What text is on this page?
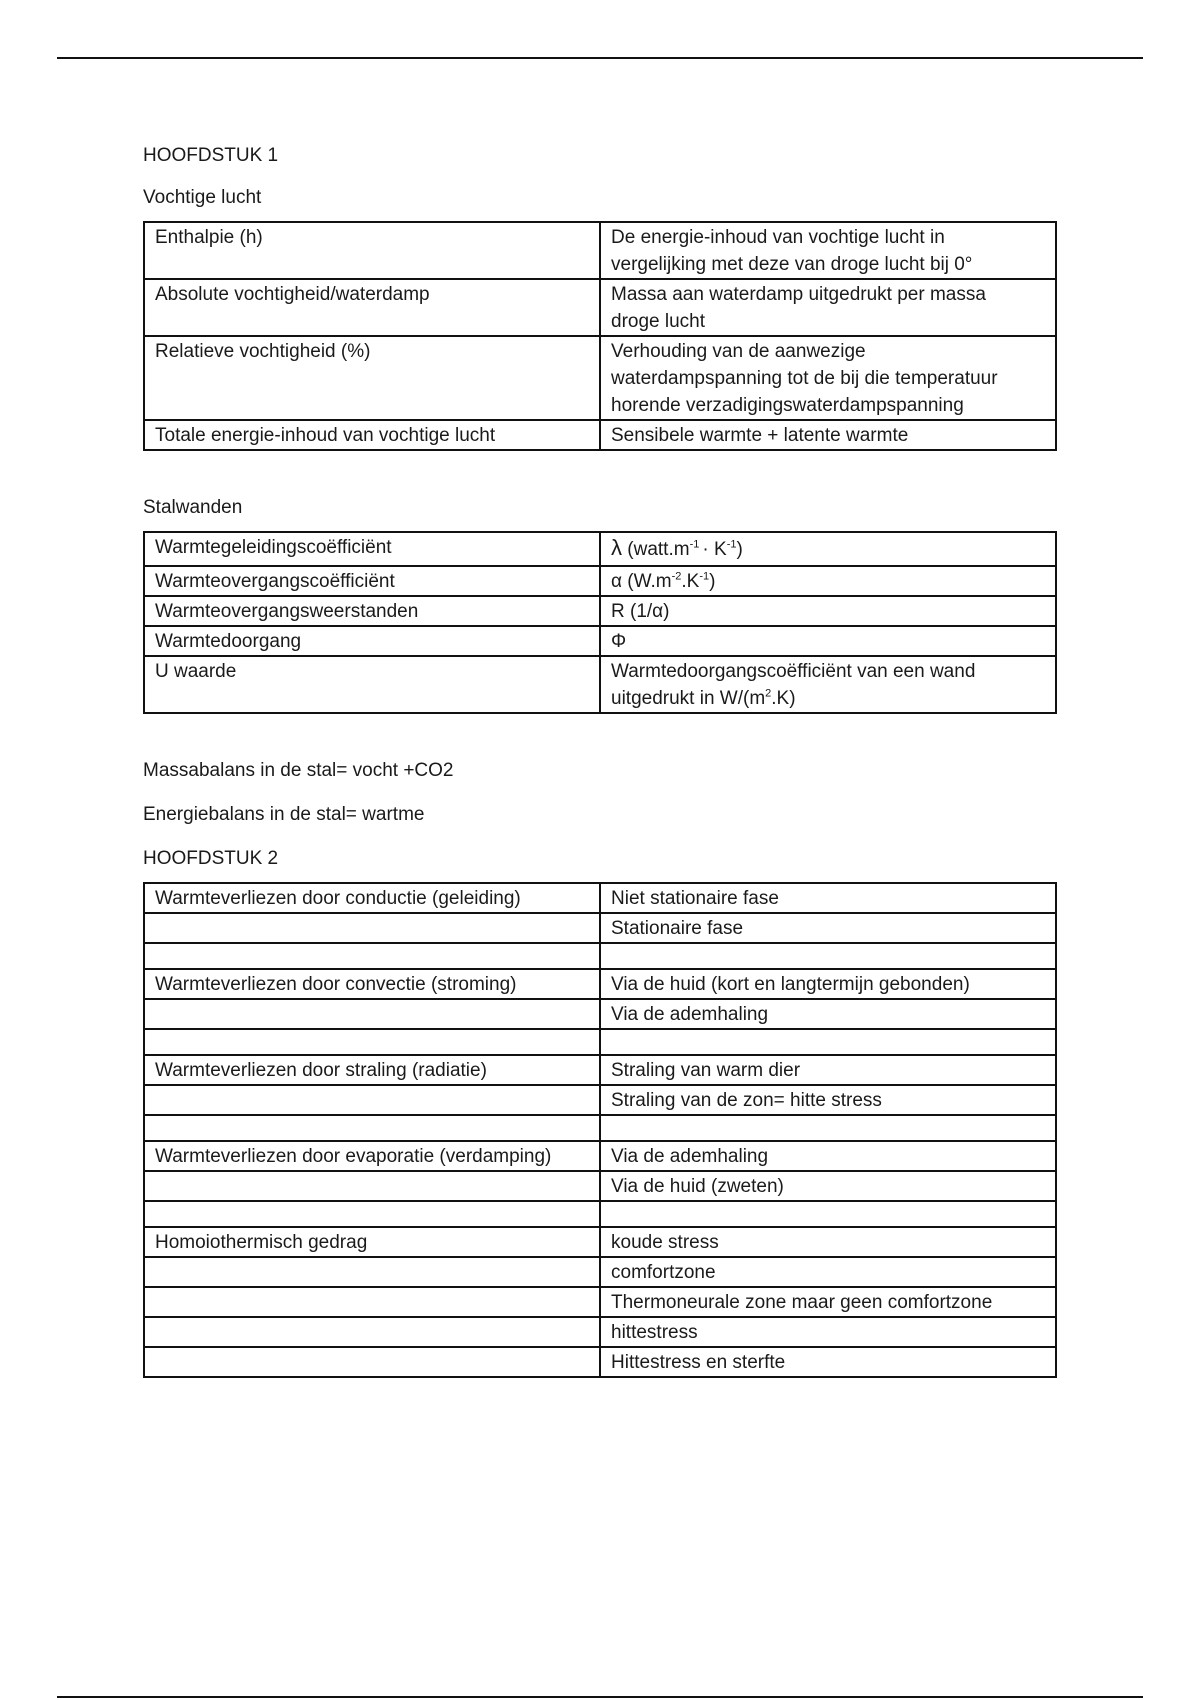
HOOFDSTUK 1

Vochtige lucht

Enthalpie (h)	De energie-inhoud van vochtige lucht in
vergelijking met deze van droge lucht bij 0°

Absolute vochtigheid/waterdamp	Massa aan waterdamp uitgedrukt per massa
droge lucht

Relatieve vochtigheid (%)	Verhouding van de aanwezige
waterdampspanning tot de bij die temperatuur
horende verzadigingswaterdampspanning

Totale energie-inhoud van vochtige lucht	Sensibele warmte + latente warmte

Stalwanden

Warmtegeleidingscoëfficiënt	λ $(watt.m^{-1} \cdot K^{-1})$
Warmteovergangscoëfficiënt	α $(W.m^{-2}.K^{-1})$
Warmteovergangsweerstanden	R (1/α)
Warmtedoorgang	Φ
U waarde	Warmtedoorgangscoëfficiënt van een wand
uitgedrukt in $W/(m^2.K)$

Massabalans in de stal= vocht +CO2

Energiebalans in de stal= wartme

HOOFDSTUK 2

Warmteverliezen door conductie (geleiding)	Niet stationaire fase
	Stationaire fase

Warmteverliezen door convectie (stroming)	Via de huid (kort en langtermijn gebonden)
	Via de ademhaling

Warmteverliezen door straling (radiatie)	Straling van warm dier
	Straling van de zon= hitte stress

Warmteverliezen door evaporatie (verdamping)	Via de ademhaling
	Via de huid (zweten)

Homoiothermisch gedrag	koude stress
	comfortzone
	Thermoneurale zone maar geen comfortzone
	hittestress
	Hittestress en sterfte
